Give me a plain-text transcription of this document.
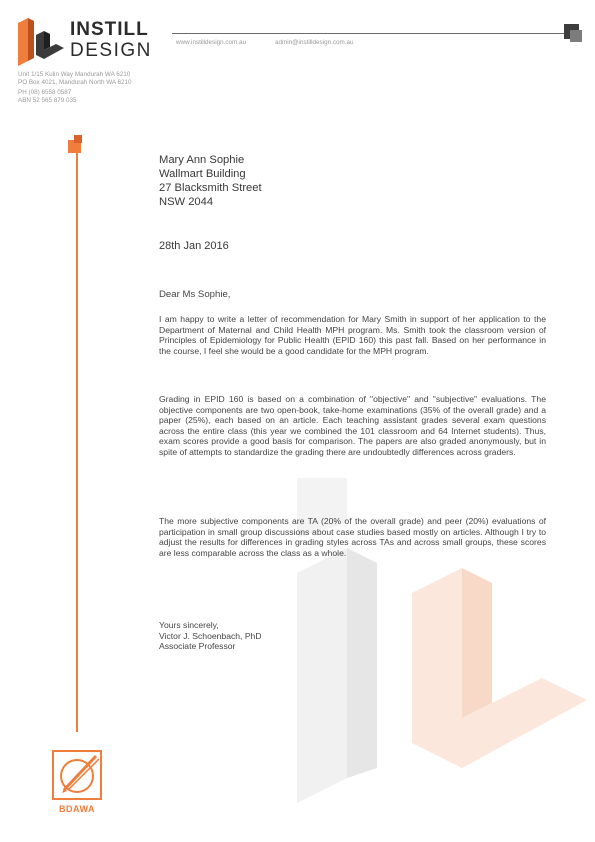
INSTILL
DESIGN
Unit 1/15 Kulin Way Mandurah WA 6210
PO Box 4021, Mandurah North WA 6210
PH (08) 6558 0587
ABN 52 565 879 035
www.instilldesign.com.au	admin@instilldesign.com.au
Mary Ann Sophie
Wallmart Building
27 Blacksmith Street
NSW 2044
28th Jan 2016
Dear Ms Sophie,

I am happy to write a letter of recommendation for Mary Smith in support of her application to the Department of Maternal and Child Health MPH program. Ms. Smith took the classroom version of Principles of Epidemiology for Public Health (EPID 160) this past fall. Based on her performance in the course, I feel she would be a good candidate for the MPH program.

Grading in EPID 160 is based on a combination of "objective" and "subjective" evaluations. The objective components are two open-book, take-home examinations (35% of the overall grade) and a paper (25%), each based on an article. Each teaching assistant grades several exam questions across the entire class (this year we combined the 101 classroom and 64 Internet students). Thus, exam scores provide a good basis for comparison. The papers are also graded anonymously, but in spite of attempts to standardize the grading there are undoubtedly differences across graders.

The more subjective components are TA (20% of the overall grade) and peer (20%) evaluations of participation in small group discussions about case studies based mostly on articles. Although I try to adjust the results for differences in grading styles across TAs and across small groups, these scores are less comparable across the class as a whole.

Yours sincerely,
Victor J. Schoenbach, PhD
Associate Professor
BDAWA
